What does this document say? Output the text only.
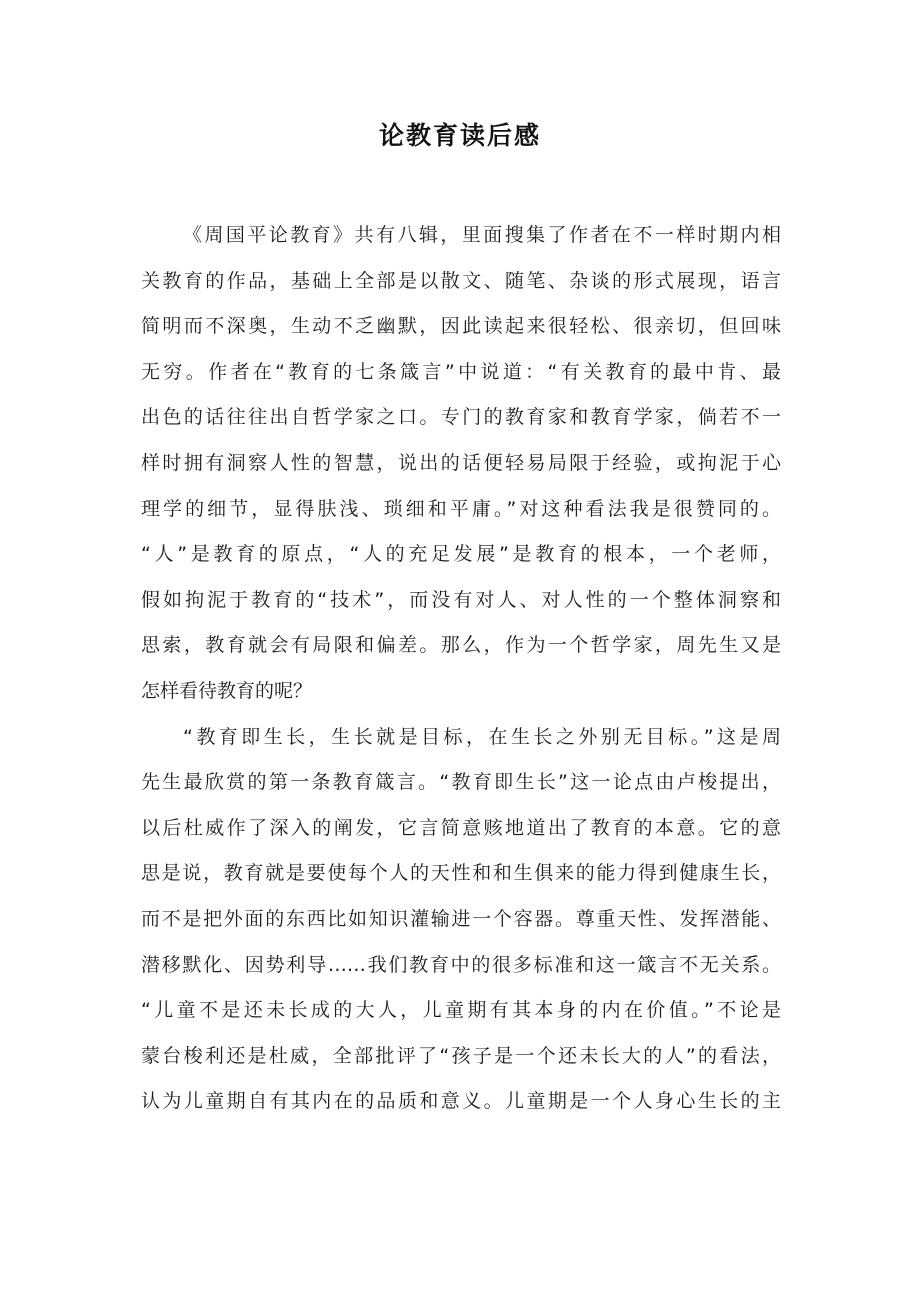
论教育读后感
《周国平论教育》共有八辑，里面搜集了作者在不一样时期内相
关教育的作品，基础上全部是以散文、随笔、杂谈的形式展现，语言
简明而不深奥，生动不乏幽默，因此读起来很轻松、很亲切，但回味
无穷。作者在“教育的七条箴言”中说道：“有关教育的最中肯、最
出色的话往往出自哲学家之口。专门的教育家和教育学家，倘若不一
样时拥有洞察人性的智慧，说出的话便轻易局限于经验，或拘泥于心
理学的细节，显得肤浅、琐细和平庸。”对这种看法我是很赞同的。
“人”是教育的原点，“人的充足发展”是教育的根本，一个老师，
假如拘泥于教育的“技术”，而没有对人、对人性的一个整体洞察和
思索，教育就会有局限和偏差。那么，作为一个哲学家，周先生又是
怎样看待教育的呢？
“教育即生长，生长就是目标，在生长之外别无目标。”这是周
先生最欣赏的第一条教育箴言。“教育即生长”这一论点由卢梭提出，
以后杜威作了深入的阐发，它言简意赅地道出了教育的本意。它的意
思是说，教育就是要使每个人的天性和和生俱来的能力得到健康生长，
而不是把外面的东西比如知识灌输进一个容器。尊重天性、发挥潜能、
潜移默化、因势利导……我们教育中的很多标准和这一箴言不无关系。
“儿童不是还未长成的大人，儿童期有其本身的内在价值。”不论是
蒙台梭利还是杜威，全部批评了“孩子是一个还未长大的人”的看法，
认为儿童期自有其内在的品质和意义。儿童期是一个人身心生长的主
